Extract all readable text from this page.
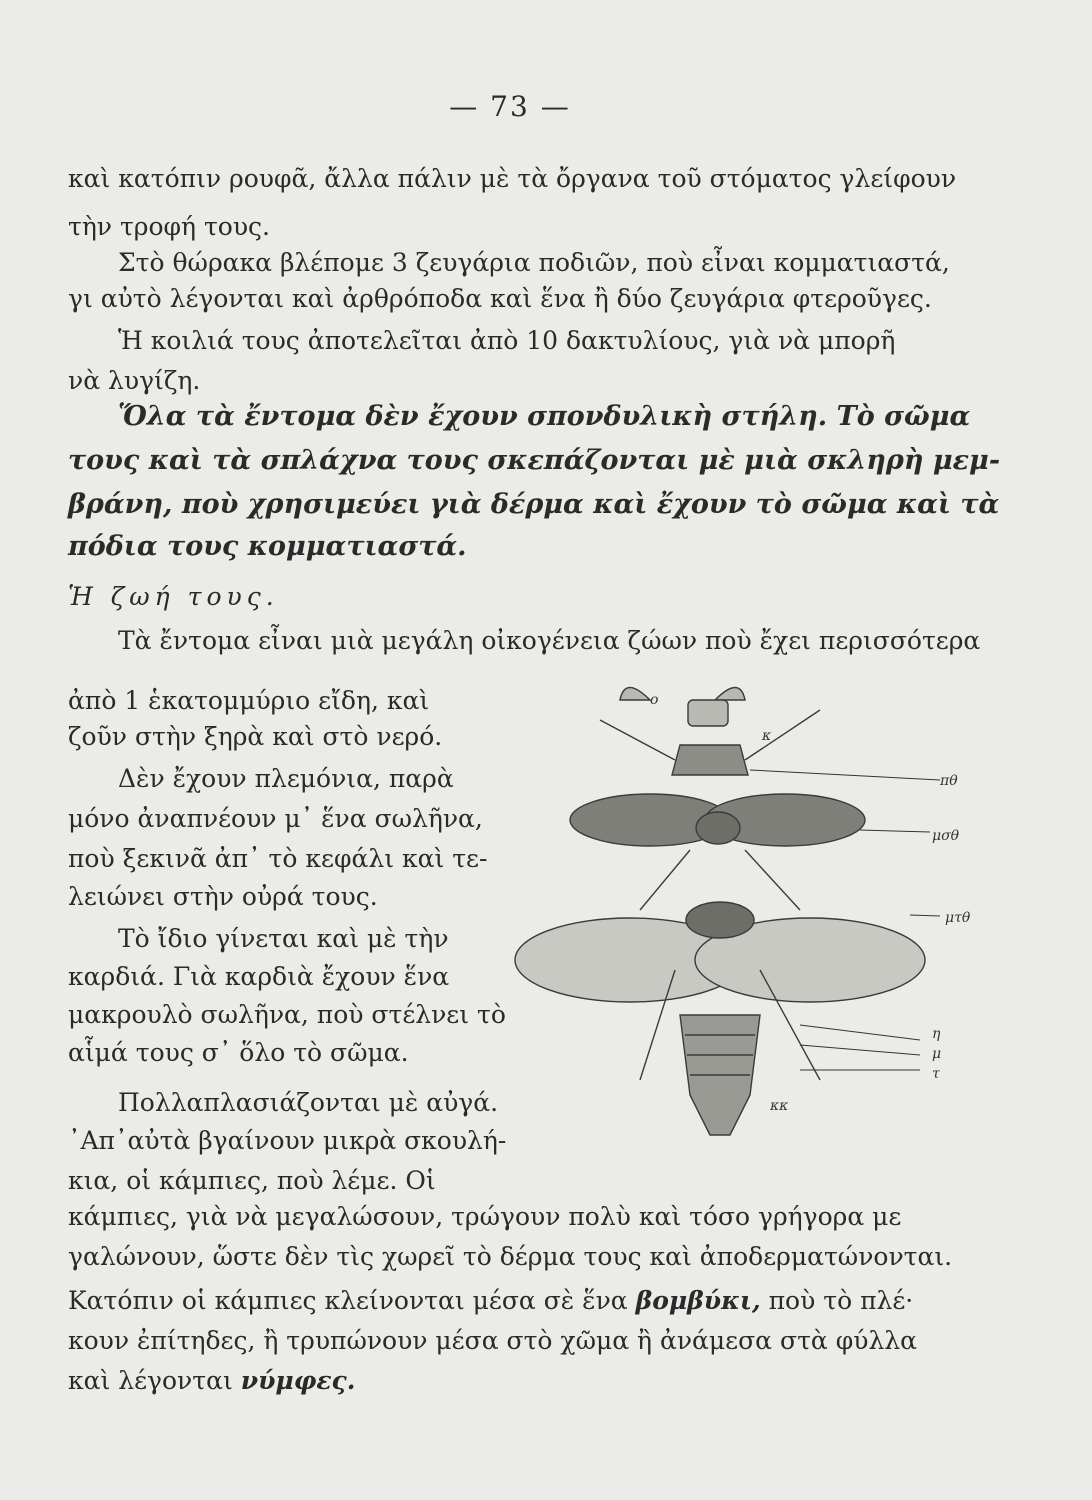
— 73 —
καὶ κατόπιν ρουφᾶ, ἄλλα πάλιν μὲ τὰ ὄργανα τοῦ στόματος γλείφουν
τὴν τροφή τους.
Στὸ θώρακα βλέπομε 3 ζευγάρια ποδιῶν, ποὺ εἶναι κομματιαστά,
γι αὐτὸ λέγονται καὶ ἀρθρόποδα καὶ ἕνα ἢ δύο ζευγάρια φτεροῦγες.
Ἡ κοιλιά τους ἀποτελεῖται ἀπὸ 10 δακτυλίους, γιὰ νὰ μπορῆ
νὰ λυγίζη.
Ὅλα τὰ ἔντομα δὲν ἔχουν σπονδυλικὴ στήλη. Τὸ σῶμα
τους καὶ τὰ σπλάχνα τους σκεπάζονται μὲ μιὰ σκληρὴ μεμ-
βράνη, ποὺ χρησιμεύει γιὰ δέρμα καὶ ἔχουν τὸ σῶμα καὶ τὰ
πόδια τους κομματιαστά.
Ἡ ζωή τους.
Τὰ ἔντομα εἶναι μιὰ μεγάλη οἰκογένεια ζώων ποὺ ἔχει περισσότερα
ἀπὸ 1 ἑκατομμύριο εἴδη, καὶ
ζοῦν στὴν ξηρὰ καὶ στὸ νερό.
Δὲν ἔχουν πλεμόνια, παρὰ
μόνο ἀναπνέουν μ᾽ ἕνα σωλῆνα,
ποὺ ξεκινᾶ ἀπ᾽ τὸ κεφάλι καὶ τε-
λειώνει στὴν οὐρά τους.
Τὸ ἴδιο γίνεται καὶ μὲ τὴν
καρδιά. Γιὰ καρδιὰ ἔχουν ἕνα
μακρουλὸ σωλῆνα, ποὺ στέλνει τὸ
αἷμά τους σ᾽ ὅλο τὸ σῶμα.
Πολλαπλασιάζονται μὲ αὐγά.
᾽Απ᾽αὐτὰ βγαίνουν μικρὰ σκουλή-
κια, οἱ κάμπιες, ποὺ λέμε. Οἱ
κάμπιες, γιὰ νὰ μεγαλώσουν, τρώγουν πολὺ καὶ τόσο γρήγορα με
γαλώνουν, ὥστε δὲν τὶς χωρεῖ τὸ δέρμα τους καὶ ἀποδερματώνονται.
Κατόπιν οἱ κάμπιες κλείνονται μέσα σὲ ἕνα βομβύκι, ποὺ τὸ πλέ·
κουν ἐπίτηδες, ἢ τρυπώνουν μέσα στὸ χῶμα ἢ ἀνάμεσα στὰ φύλλα
καὶ λέγονται νύμφες.
ο
κ
πθ
μσθ
μτθ
η
μ
τ
κκ
